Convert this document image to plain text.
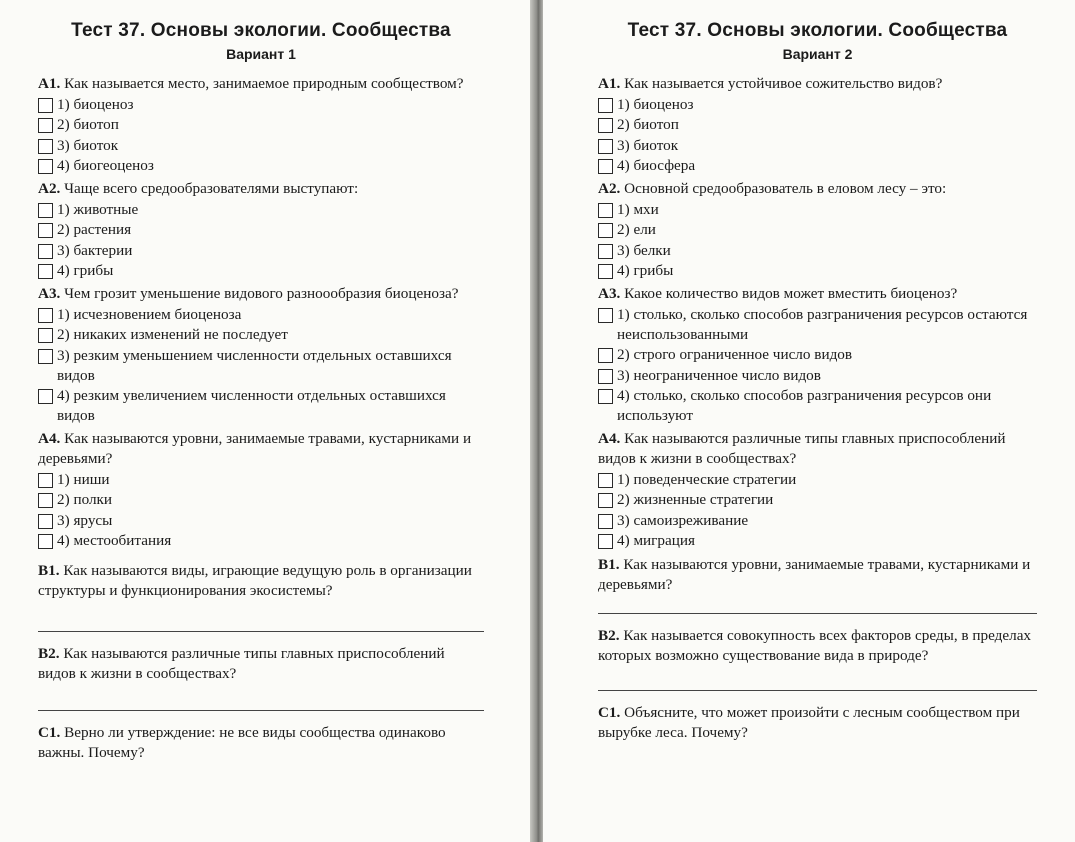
Тест 37. Основы экологии. Сообщества
Вариант 1

А1. Как называется место, занимаемое природным сообществом?

1) биоценоз
2) биотоп
3) биоток
4) биогеоценоз

А2. Чаще всего средообразователями выступают:

1) животные
2) растения
3) бактерии
4) грибы

А3. Чем грозит уменьшение видового разноообразия биоценоза?

1) исчезновением биоценоза
2) никаких изменений не последует
3) резким уменьшением численности отдельных оставшихся видов
4) резким увеличением численности отдельных оставшихся видов

А4. Как называются уровни, занимаемые травами, кустарниками и деревьями?

1) ниши
2) полки
3) ярусы
4) местообитания

В1. Как называются виды, играющие ведущую роль в организации структуры и функционирования экосистемы?

В2. Как называются различные типы главных приспособлений видов к жизни в сообществах?

С1. Верно ли утверждение: не все виды сообщества одинаково важны. Почему?

Тест 37. Основы экологии. Сообщества
Вариант 2

А1. Как называется устойчивое сожительство видов?

1) биоценоз
2) биотоп
3) биоток
4) биосфера

А2. Основной средообразователь в еловом лесу – это:

1) мхи
2) ели
3) белки
4) грибы

А3. Какое количество видов может вместить биоценоз?

1) столько, сколько способов разграничения ресурсов остаются неиспользованными
2) строго ограниченное число видов
3) неограниченное число видов
4) столько, сколько способов разграничения ресурсов они используют

А4. Как называются различные типы главных приспособлений видов к жизни в сообществах?

1) поведенческие стратегии
2) жизненные стратегии
3) самоизреживание
4) миграция

В1. Как называются уровни, занимаемые травами, кустарниками и деревьями?

В2. Как называется совокупность всех факторов среды, в пределах которых возможно существование вида в природе?

С1. Объясните, что может произойти с лесным сообществом при вырубке леса. Почему?
